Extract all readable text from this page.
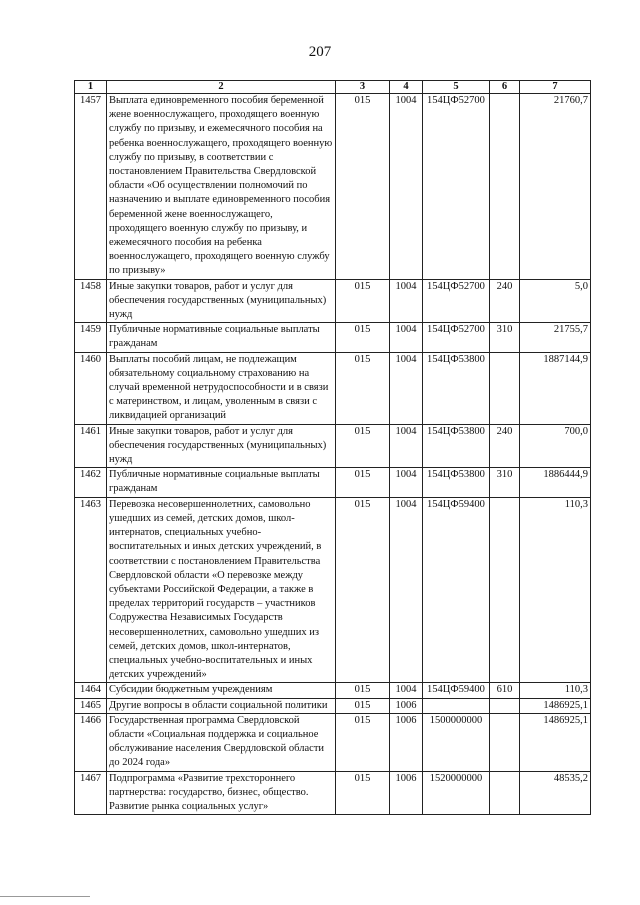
207
1	2	3	4	5	6	7
1457	Выплата единовременного пособия беременной жене военнослужащего, проходящего военную службу по призыву, и ежемесячного пособия на ребенка военнослужащего, проходящего военную службу по призыву, в соответствии с постановлением Правительства Свердловской области «Об осуществлении полномочий по назначению и выплате единовременного пособия беременной жене военнослужащего, проходящего военную службу по призыву, и ежемесячного пособия на ребенка военнослужащего, проходящего военную службу по призыву»	015	1004	154ЦФ52700		21760,7
1458	Иные закупки товаров, работ и услуг для обеспечения государственных (муниципальных) нужд	015	1004	154ЦФ52700	240	5,0
1459	Публичные нормативные социальные выплаты гражданам	015	1004	154ЦФ52700	310	21755,7
1460	Выплаты пособий лицам, не подлежащим обязательному социальному страхованию на случай временной нетрудоспособности и в связи с материнством, и лицам, уволенным в связи с ликвидацией организаций	015	1004	154ЦФ53800		1887144,9
1461	Иные закупки товаров, работ и услуг для обеспечения государственных (муниципальных) нужд	015	1004	154ЦФ53800	240	700,0
1462	Публичные нормативные социальные выплаты гражданам	015	1004	154ЦФ53800	310	1886444,9
1463	Перевозка несовершеннолетних, самовольно ушедших из семей, детских домов, школ-интернатов, специальных учебно-воспитательных и иных детских учреждений, в соответствии с постановлением Правительства Свердловской области «О перевозке между субъектами Российской Федерации, а также в пределах территорий государств – участников Содружества Независимых Государств несовершеннолетних, самовольно ушедших из семей, детских домов, школ-интернатов, специальных учебно-воспитательных и иных детских учреждений»	015	1004	154ЦФ59400		110,3
1464	Субсидии бюджетным учреждениям	015	1004	154ЦФ59400	610	110,3
1465	Другие вопросы в области социальной политики	015	1006			1486925,1
1466	Государственная программа Свердловской области «Социальная поддержка и социальное обслуживание населения Свердловской области до 2024 года»	015	1006	1500000000		1486925,1
1467	Подпрограмма «Развитие трехстороннего партнерства: государство, бизнес, общество. Развитие рынка социальных услуг»	015	1006	1520000000		48535,2
